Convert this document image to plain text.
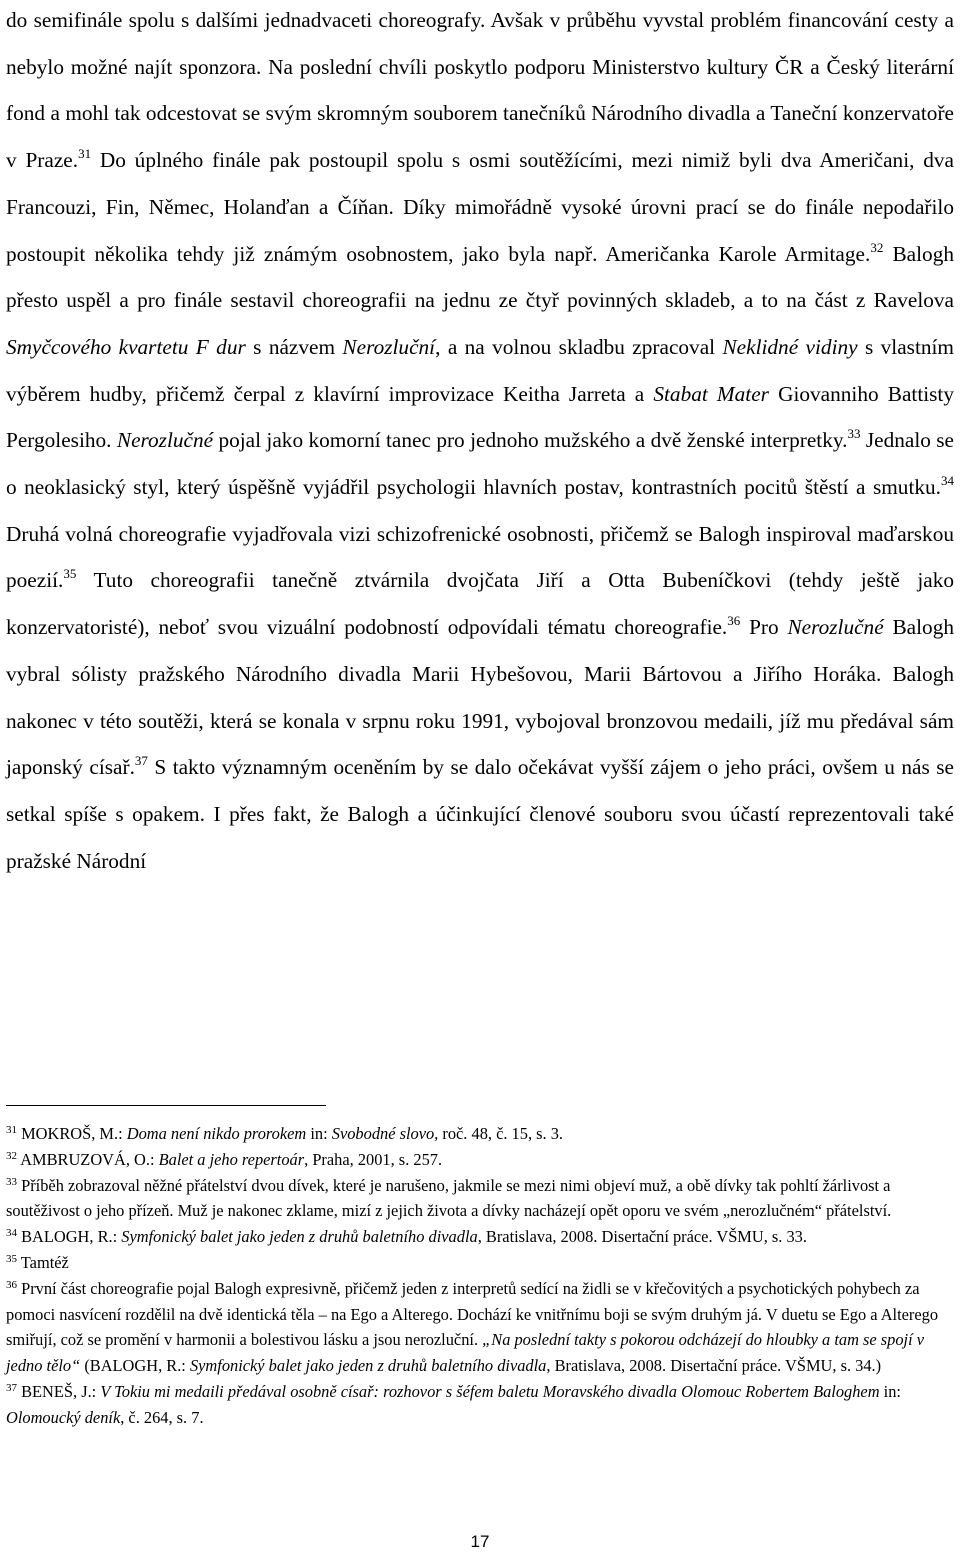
do semifinále spolu s dalšími jednadvaceti choreografy. Avšak v průběhu vyvstal problém financování cesty a nebylo možné najít sponzora. Na poslední chvíli poskytlo podporu Ministerstvo kultury ČR a Český literární fond a mohl tak odcestovat se svým skromným souborem tanečníků Národního divadla a Taneční konzervatoře v Praze.$^{31}$ Do úplného finále pak postoupil spolu s osmi soutěžícími, mezi nimiž byli dva Američani, dva Francouzi, Fin, Němec, Holanďan a Číňan. Díky mimořádně vysoké úrovni prací se do finále nepodařilo postoupit několika tehdy již známým osobnostem, jako byla např. Američanka Karole Armitage.$^{32}$ Balogh přesto uspěl a pro finále sestavil choreografii na jednu ze čtyř povinných skladeb, a to na část z Ravelova Smyčcového kvartetu F dur s názvem Nerozluční, a na volnou skladbu zpracoval Neklidné vidiny s vlastním výběrem hudby, přičemž čerpal z klavírní improvizace Keitha Jarreta a Stabat Mater Giovanniho Battisty Pergolesiho. Nerozlučné pojal jako komorní tanec pro jednoho mužského a dvě ženské interpretky.$^{33}$ Jednalo se o neoklasický styl, který úspěšně vyjádřil psychologii hlavních postav, kontrastních pocitů štěstí a smutku.$^{34}$ Druhá volná choreografie vyjadřovala vizi schizofrenické osobnosti, přičemž se Balogh inspiroval maďarskou poezií.$^{35}$ Tuto choreografii tanečně ztvárnila dvojčata Jiří a Otta Bubeníčkovi (tehdy ještě jako konzervatoristé), neboť svou vizuální podobností odpovídali tématu choreografie.$^{36}$ Pro Nerozlučné Balogh vybral sólisty pražského Národního divadla Marii Hybešovou, Marii Bártovou a Jiřího Horáka. Balogh nakonec v této soutěži, která se konala v srpnu roku 1991, vybojoval bronzovou medaili, jíž mu předával sám japonský císař.$^{37}$ S takto významným oceněním by se dalo očekávat vyšší zájem o jeho práci, ovšem u nás se setkal spíše s opakem. I přes fakt, že Balogh a účinkující členové souboru svou účastí reprezentovali také pražské Národní

$^{31}$ MOKROŠ, M.: Doma není nikdo prorokem in: Svobodné slovo, roč. 48, č. 15, s. 3.

$^{32}$ AMBRUZOVÁ, O.: Balet a jeho repertoár, Praha, 2001, s. 257.

$^{33}$ Příběh zobrazoval něžné přátelství dvou dívek, které je narušeno, jakmile se mezi nimi objeví muž, a obě dívky tak pohltí žárlivost a soutěživost o jeho přízeň. Muž je nakonec zklame, mizí z jejich života a dívky nacházejí opět oporu ve svém „nerozlučném“ přátelství.

$^{34}$ BALOGH, R.: Symfonický balet jako jeden z druhů baletního divadla, Bratislava, 2008. Disertační práce. VŠMU, s. 33.

$^{35}$ Tamtéž

$^{36}$ První část choreografie pojal Balogh expresivně, přičemž jeden z interpretů sedící na židli se v křečovitých a psychotických pohybech za pomoci nasvícení rozdělil na dvě identická těla – na Ego a Alterego. Dochází ke vnitřnímu boji se svým druhým já. V duetu se Ego a Alterego smiřují, což se promění v harmonii a bolestivou lásku a jsou nerozluční. „Na poslední takty s pokorou odcházejí do hloubky a tam se spojí v jedno tělo“ (BALOGH, R.: Symfonický balet jako jeden z druhů baletního divadla, Bratislava, 2008. Disertační práce. VŠMU, s. 34.)

$^{37}$ BENEŠ, J.: V Tokiu mi medaili předával osobně císař: rozhovor s šéfem baletu Moravského divadla Olomouc Robertem Baloghem in: Olomoucký deník, č. 264, s. 7.

17
